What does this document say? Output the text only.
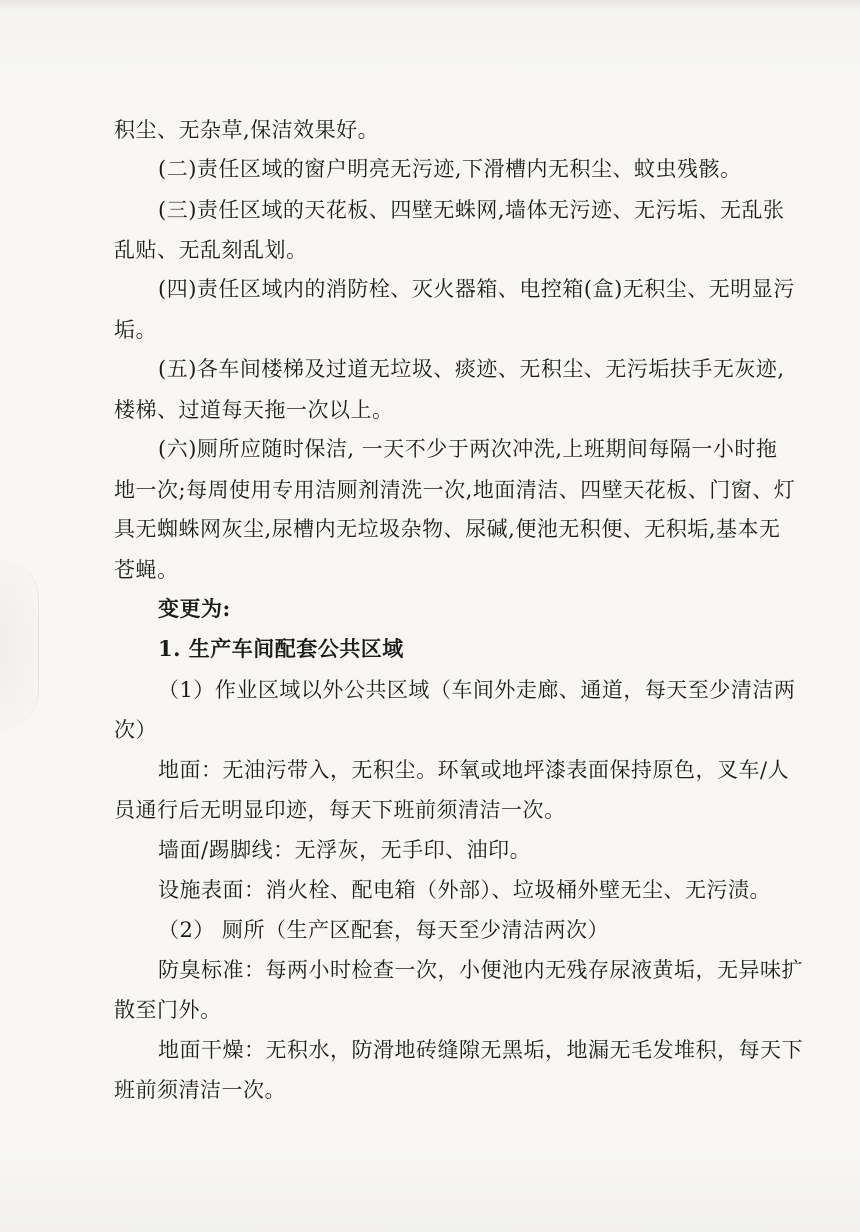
积尘、无杂草,保洁效果好。

(二)责任区域的窗户明亮无污迹,下滑槽内无积尘、蚊虫残骸。

(三)责任区域的天花板、四壁无蛛网,墙体无污迹、无污垢、无乱张

乱贴、无乱刻乱划。

(四)责任区域内的消防栓、灭火器箱、电控箱(盒)无积尘、无明显污

垢。

(五)各车间楼梯及过道无垃圾、痰迹、无积尘、无污垢扶手无灰迹,

楼梯、过道每天拖一次以上。

(六)厕所应随时保洁, 一天不少于两次冲洗,上班期间每隔一小时拖

地一次;每周使用专用洁厕剂清洗一次,地面清洁、四壁天花板、门窗、灯

具无蜘蛛网灰尘,尿槽内无垃圾杂物、尿碱,便池无积便、无积垢,基本无

苍蝇。

变更为:

1. 生产车间配套公共区域

（1）作业区域以外公共区域（车间外走廊、通道，每天至少清洁两

次）

地面：无油污带入，无积尘。环氧或地坪漆表面保持原色，叉车/人

员通行后无明显印迹，每天下班前须清洁一次。

墙面/踢脚线：无浮灰，无手印、油印。

设施表面：消火栓、配电箱（外部）、垃圾桶外壁无尘、无污渍。

（2） 厕所（生产区配套，每天至少清洁两次）

防臭标准：每两小时检查一次，小便池内无残存尿液黄垢，无异味扩

散至门外。

地面干燥：无积水，防滑地砖缝隙无黑垢，地漏无毛发堆积，每天下

班前须清洁一次。
